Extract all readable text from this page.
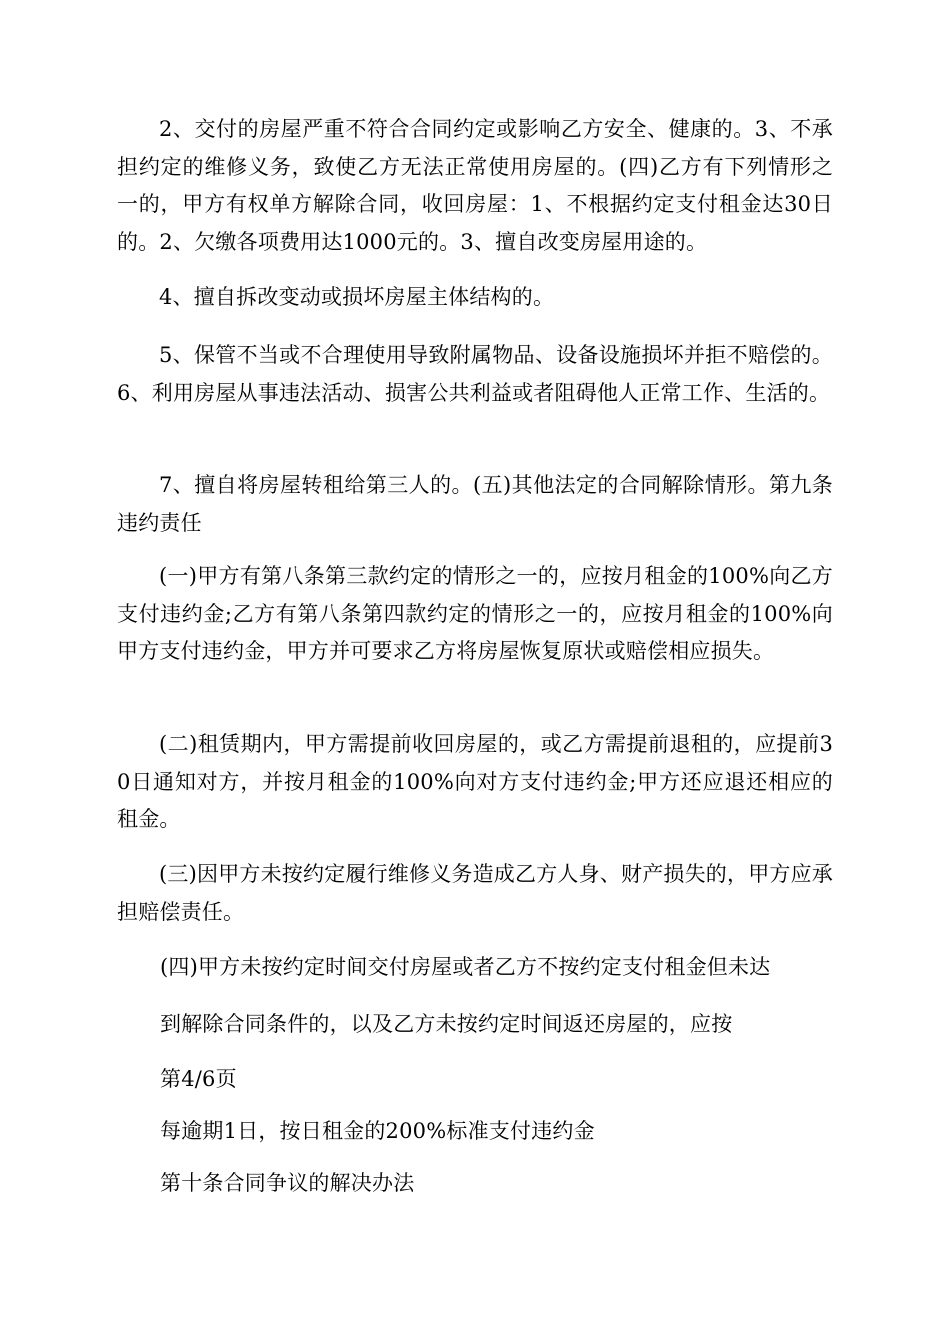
2、交付的房屋严重不符合合同约定或影响乙方安全、健康的。3、不承担约定的维修义务，致使乙方无法正常使用房屋的。(四)乙方有下列情形之一的，甲方有权单方解除合同，收回房屋：1、不根据约定支付租金达30日的。2、欠缴各项费用达1000元的。3、擅自改变房屋用途的。

4、擅自拆改变动或损坏房屋主体结构的。

5、保管不当或不合理使用导致附属物品、设备设施损坏并拒不赔偿的。6、利用房屋从事违法活动、损害公共利益或者阻碍他人正常工作、生活的。

7、擅自将房屋转租给第三人的。(五)其他法定的合同解除情形。第九条违约责任

(一)甲方有第八条第三款约定的情形之一的，应按月租金的100%向乙方支付违约金;乙方有第八条第四款约定的情形之一的，应按月租金的100%向甲方支付违约金，甲方并可要求乙方将房屋恢复原状或赔偿相应损失。

(二)租赁期内，甲方需提前收回房屋的，或乙方需提前退租的，应提前30日通知对方，并按月租金的100%向对方支付违约金;甲方还应退还相应的租金。

(三)因甲方未按约定履行维修义务造成乙方人身、财产损失的，甲方应承担赔偿责任。

(四)甲方未按约定时间交付房屋或者乙方不按约定支付租金但未达

到解除合同条件的，以及乙方未按约定时间返还房屋的，应按

第4/6页

每逾期1日，按日租金的200%标准支付违约金

第十条合同争议的解决办法
